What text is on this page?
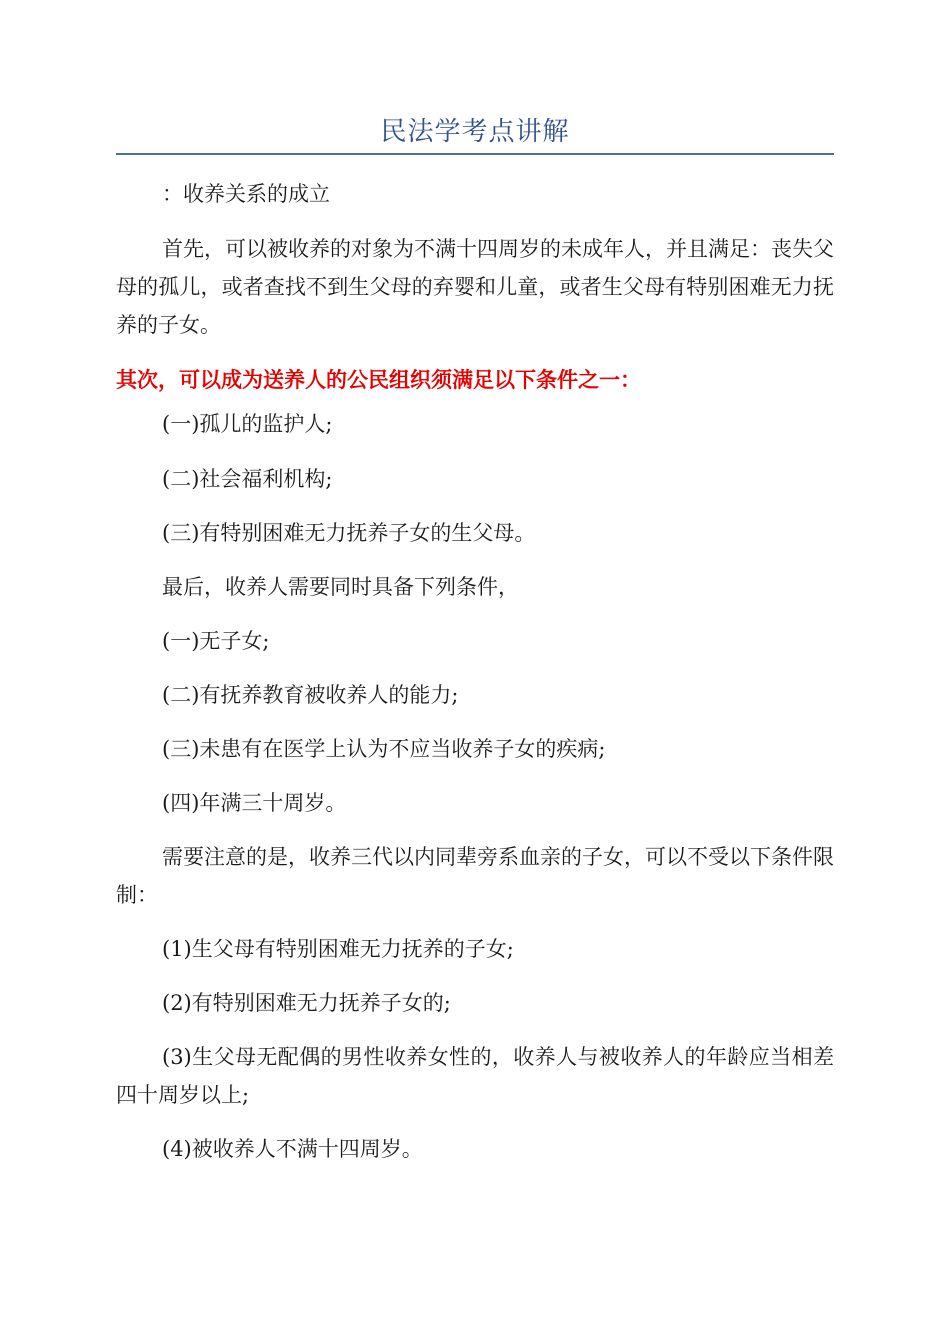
民法学考点讲解

：收养关系的成立

首先，可以被收养的对象为不满十四周岁的未成年人，并且满足：丧失父母的孤儿，或者查找不到生父母的弃婴和儿童，或者生父母有特别困难无力抚养的子女。

其次，可以成为送养人的公民组织须满足以下条件之一：

(一)孤儿的监护人;

(二)社会福利机构;

(三)有特别困难无力抚养子女的生父母。

最后，收养人需要同时具备下列条件，

(一)无子女;

(二)有抚养教育被收养人的能力;

(三)未患有在医学上认为不应当收养子女的疾病;

(四)年满三十周岁。

需要注意的是，收养三代以内同辈旁系血亲的子女，可以不受以下条件限制：

(1)生父母有特别困难无力抚养的子女;

(2)有特别困难无力抚养子女的;

(3)生父母无配偶的男性收养女性的，收养人与被收养人的年龄应当相差四十周岁以上;

(4)被收养人不满十四周岁。
